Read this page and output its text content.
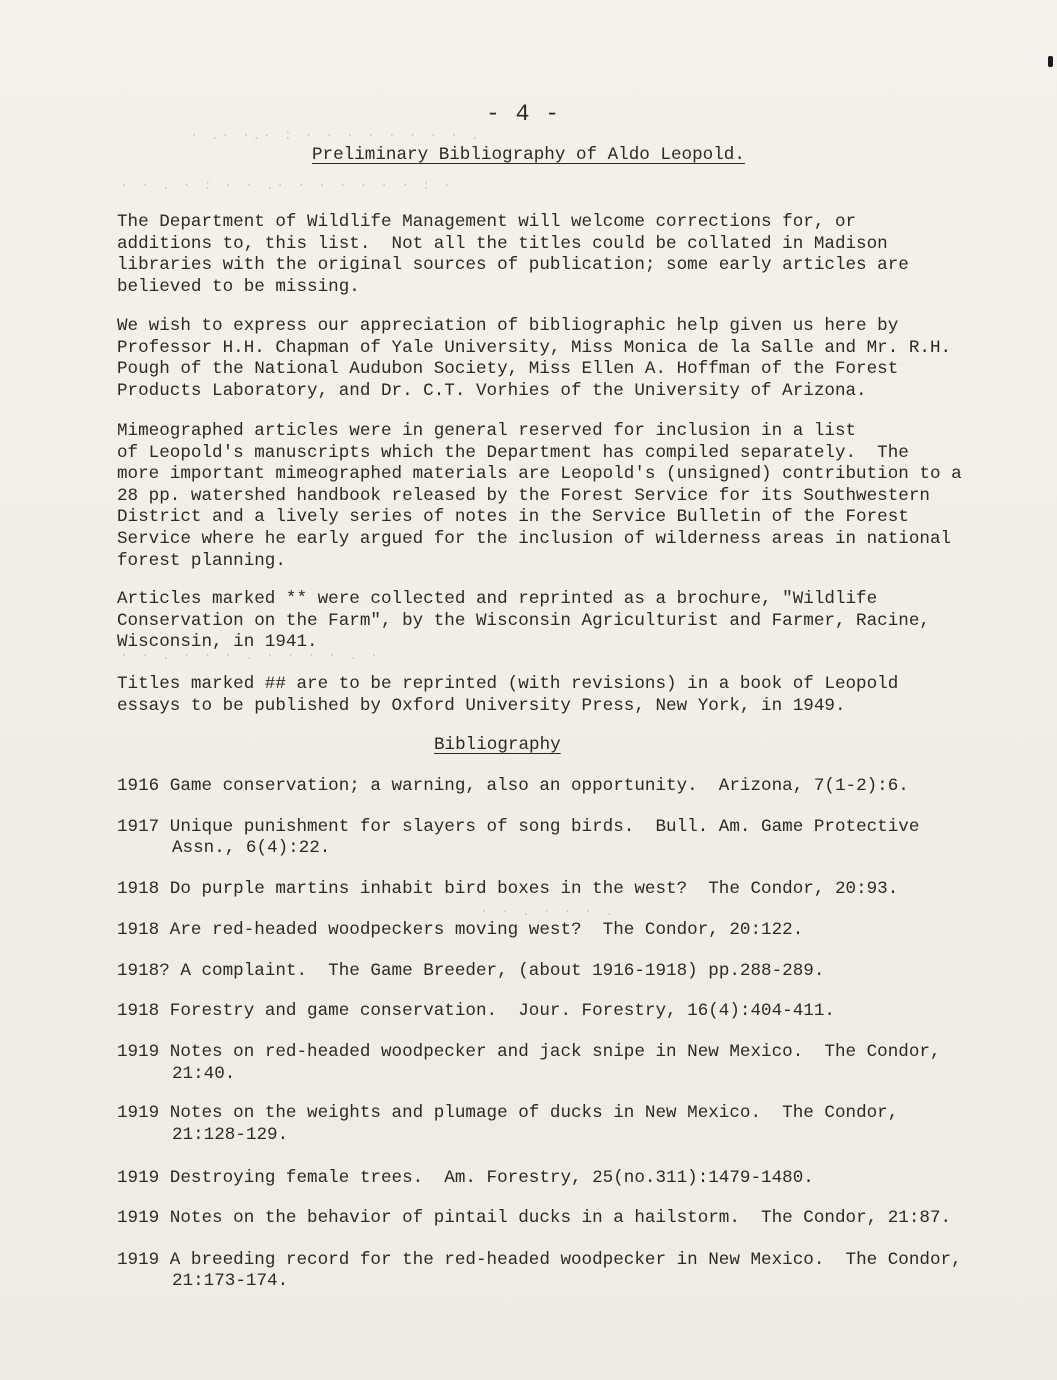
· .· ·.· : · · · · · · · · .
· · . · : · · .· · · · · · · : ·
· · . · · · . · · · · . ·
· · . · · · .
- 4 -
Preliminary Bibliography of Aldo Leopold.
The Department of Wildlife Management will welcome corrections for, or
additions to, this list.  Not all the titles could be collated in Madison
libraries with the original sources of publication; some early articles are
believed to be missing.
We wish to express our appreciation of bibliographic help given us here by
Professor H.H. Chapman of Yale University, Miss Monica de la Salle and Mr. R.H.
Pough of the National Audubon Society, Miss Ellen A. Hoffman of the Forest
Products Laboratory, and Dr. C.T. Vorhies of the University of Arizona.
Mimeographed articles were in general reserved for inclusion in a list
of Leopold's manuscripts which the Department has compiled separately.  The
more important mimeographed materials are Leopold's (unsigned) contribution to a
28 pp. watershed handbook released by the Forest Service for its Southwestern
District and a lively series of notes in the Service Bulletin of the Forest
Service where he early argued for the inclusion of wilderness areas in national
forest planning.
Articles marked ** were collected and reprinted as a brochure, "Wildlife
Conservation on the Farm", by the Wisconsin Agriculturist and Farmer, Racine,
Wisconsin, in 1941.
Titles marked ## are to be reprinted (with revisions) in a book of Leopold
essays to be published by Oxford University Press, New York, in 1949.
Bibliography
1916 Game conservation; a warning, also an opportunity.  Arizona, 7(1-2):6.
1917 Unique punishment for slayers of song birds.  Bull. Am. Game Protective
Assn., 6(4):22.
1918 Do purple martins inhabit bird boxes in the west?  The Condor, 20:93.
1918 Are red-headed woodpeckers moving west?  The Condor, 20:122.
1918? A complaint.  The Game Breeder, (about 1916-1918) pp.288-289.
1918 Forestry and game conservation.  Jour. Forestry, 16(4):404-411.
1919 Notes on red-headed woodpecker and jack snipe in New Mexico.  The Condor,
21:40.
1919 Notes on the weights and plumage of ducks in New Mexico.  The Condor,
21:128-129.
1919 Destroying female trees.  Am. Forestry, 25(no.311):1479-1480.
1919 Notes on the behavior of pintail ducks in a hailstorm.  The Condor, 21:87.
1919 A breeding record for the red-headed woodpecker in New Mexico.  The Condor,
21:173-174.
